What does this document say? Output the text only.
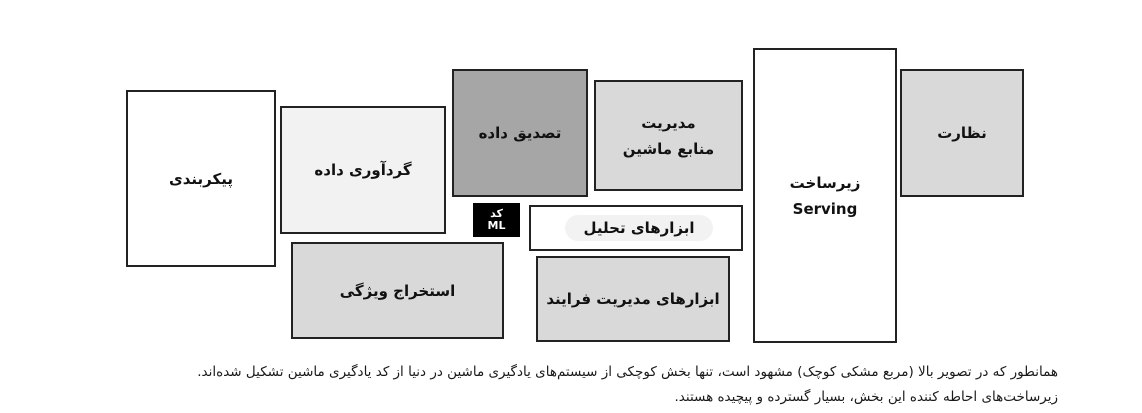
پیکربندی	گردآوری داده
استخراج ویژگی
تصدیق داده
کد
ML
مدیریت
منابع ماشین
ابزارهای تحلیل
ابزارهای مدیریت فرایند
زیرساخت
Serving
نظارت
همانطور که در تصویر بالا (مربع مشکی کوچک) مشهود است، تنها بخش کوچکی از سیستم‌های یادگیری ماشین در دنیا از کد یادگیری ماشین تشکیل شده‌اند.
زیرساخت‌های احاطه کننده این بخش، بسیار گسترده و پیچیده هستند.
